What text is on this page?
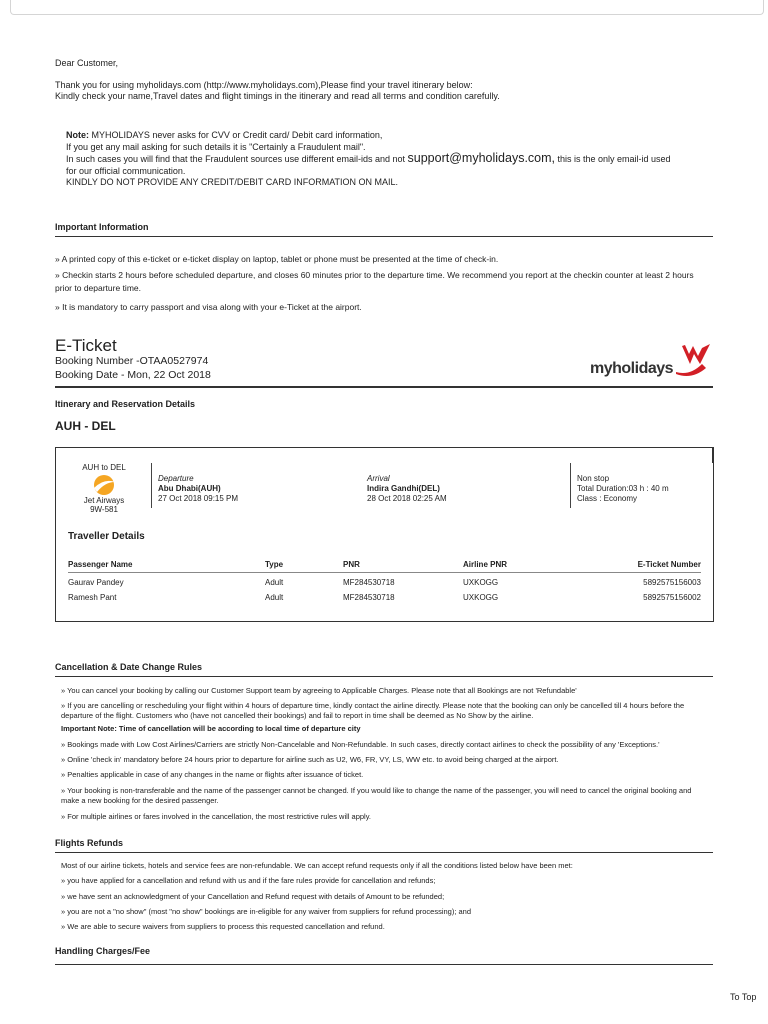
Dear Customer,

Thank you for using myholidays.com (http://www.myholidays.com),Please find your travel itinerary below:

Kindly check your name,Travel dates and flight timings in the itinerary and read all terms and condition carefully.

Note: MYHOLIDAYS never asks for CVV or Credit card/ Debit card information,

If you get any mail asking for such details it is "Certainly a Fraudulent mail".

In such cases you will find that the Fraudulent sources use different email-ids and not support@myholidays.com, this is the only email-id used

for our official communication.

KINDLY DO NOT PROVIDE ANY CREDIT/DEBIT CARD INFORMATION ON MAIL.

Important Information

» A printed copy of this e-ticket or e-ticket display on laptop, tablet or phone must be presented at the time of check-in.

» Checkin starts 2 hours before scheduled departure, and closes 60 minutes prior to the departure time. We recommend you report at the checkin counter at least 2 hours prior to departure time.

» It is mandatory to carry passport and visa along with your e-Ticket at the airport.

E-Ticket

Booking Number -OTAA0527974

Booking Date - Mon, 22 Oct 2018	myholidays
Itinerary and Reservation Details
AUH - DEL

AUH to DEL

Jet Airways

9W-581

Departure

Abu Dhabi(AUH)

27 Oct 2018 09:15 PM

Arrival

Indira Gandhi(DEL)

28 Oct 2018 02:25 AM

Non stop

Total Duration:03 h : 40 m

Class : Economy

Traveller Details
Passenger Name	Type	PNR	Airline PNR	E-Ticket Number
Gaurav Pandey	Adult	MF284530718	UXKOGG	5892575156003
Ramesh Pant	Adult	MF284530718	UXKOGG	5892575156002
Cancellation & Date Change Rules

» You can cancel your booking by calling our Customer Support team by agreeing to Applicable Charges. Please note that all Bookings are not 'Refundable'

» If you are cancelling or rescheduling your flight within 4 hours of departure time, kindly contact the airline directly. Please note that the booking can only be cancelled till 4 hours before the departure of the flight. Customers who (have not cancelled their bookings) and fail to report in time shall be deemed as No Show by the airline.

Important Note: Time of cancellation will be according to local time of departure city

» Bookings made with Low Cost Airlines/Carriers are strictly Non-Cancelable and Non-Refundable. In such cases, directly contact airlines to check the possibility of any 'Exceptions.'

» Online 'check in' mandatory before 24 hours prior to departure for airline such as U2, W6, FR, VY, LS, WW etc. to avoid being charged at the airport.

» Penalties applicable in case of any changes in the name or flights after issuance of ticket.

» Your booking is non-transferable and the name of the passenger cannot be changed. If you would like to change the name of the passenger, you will need to cancel the original booking and make a new booking for the desired passenger.

» For multiple airlines or fares involved in the cancellation, the most restrictive rules will apply.

Flights Refunds

Most of our airline tickets, hotels and service fees are non-refundable. We can accept refund requests only if all the conditions listed below have been met:

» you have applied for a cancellation and refund with us and if the fare rules provide for cancellation and refunds;

» we have sent an acknowledgment of your Cancellation and Refund request with details of Amount to be refunded;

» you are not a "no show" (most "no show" bookings are in-eligible for any waiver from suppliers for refund processing); and

» We are able to secure waivers from suppliers to process this requested cancellation and refund.

Handling Charges/Fee
To Top
